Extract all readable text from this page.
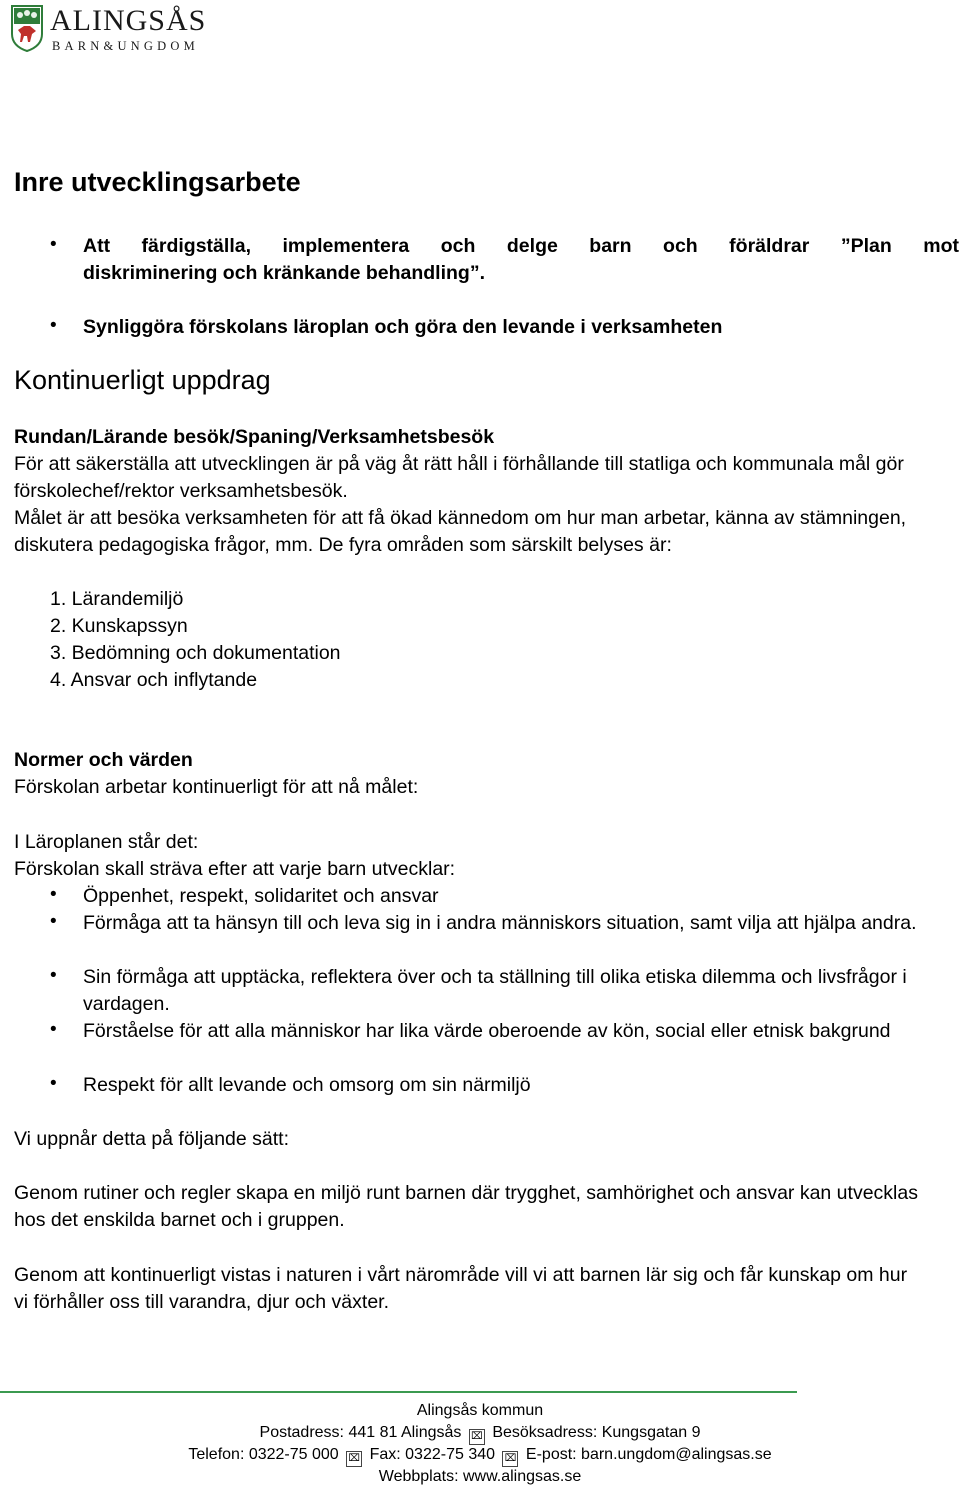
ALINGSÅS
BARN&UNGDOM
Inre utvecklingsarbete
• Att färdigställa, implementera och delge barn och föräldrar ”Plan mot
diskriminering och kränkande behandling”.
• Synliggöra förskolans läroplan och göra den levande i verksamheten
Kontinuerligt uppdrag
Rundan/Lärande besök/Spaning/Verksamhetsbesök
För att säkerställa att utvecklingen är på väg åt rätt håll i förhållande till statliga och kommunala mål gör förskolechef/rektor verksamhetsbesök.
Målet är att besöka verksamheten för att få ökad kännedom om hur man arbetar, känna av stämningen, diskutera pedagogiska frågor, mm. De fyra områden som särskilt belyses är:
1. Lärandemiljö
2. Kunskapssyn
3. Bedömning och dokumentation
4. Ansvar och inflytande
Normer och värden
Förskolan arbetar kontinuerligt för att nå målet:
I Läroplanen står det:
Förskolan skall sträva efter att varje barn utvecklar:
• Öppenhet, respekt, solidaritet och ansvar
• Förmåga att ta hänsyn till och leva sig in i andra människors situation, samt vilja att hjälpa andra.
• Sin förmåga att upptäcka, reflektera över och ta ställning till olika etiska dilemma och livsfrågor i vardagen.
• Förståelse för att alla människor har lika värde oberoende av kön, social eller etnisk bakgrund
• Respekt för allt levande och omsorg om sin närmiljö
Vi uppnår detta på följande sätt:
Genom rutiner och regler skapa en miljö runt barnen där trygghet, samhörighet och ansvar kan utvecklas hos det enskilda barnet och i gruppen.
Genom att kontinuerligt vistas i naturen i vårt närområde vill vi att barnen lär sig och får kunskap om hur vi förhåller oss till varandra, djur och växter.
Alingsås kommun
Postadress: 441 81 Alingsås ⌧ Besöksadress: Kungsgatan 9
Telefon: 0322-75 000 ⌧ Fax: 0322-75 340 ⌧ E-post: barn.ungdom@alingsas.se
Webbplats: www.alingsas.se
